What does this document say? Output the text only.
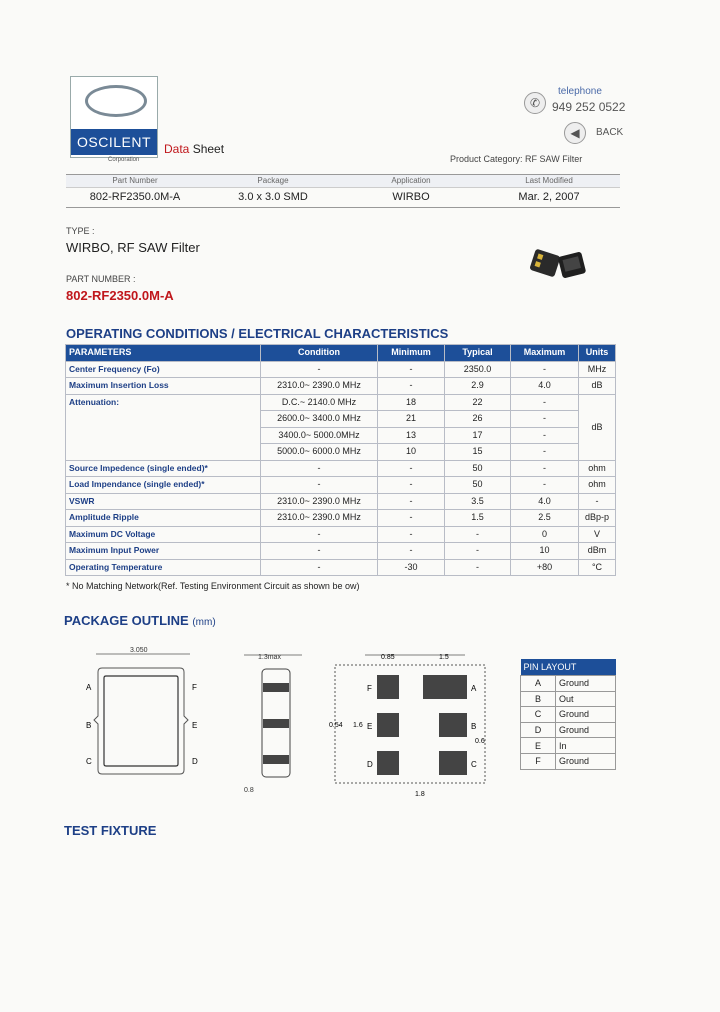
OSCILENT
Corporation
Data Sheet
✆
telephone
949 252 0522
◀	BACK
Product Category: RF SAW Filter
Part Number
802-RF2350.0M-A
Package
3.0 x 3.0 SMD
Application
WIRBO
Last Modified
Mar. 2, 2007
TYPE :
WIRBO, RF SAW Filter
PART NUMBER :
802-RF2350.0M-A
OPERATING CONDITIONS / ELECTRICAL CHARACTERISTICS
PARAMETERS	Condition	Minimum	Typical	Maximum	Units
Center Frequency (Fo)	-	-	2350.0	-	MHz
Maximum Insertion Loss	2310.0~ 2390.0 MHz	-	2.9	4.0	dB
Attenuation:	D.C.~ 2140.0 MHz	18	22	-	dB
	2600.0~ 3400.0 MHz	21	26	-	
	3400.0~ 5000.0MHz	13	17	-	
	5000.0~ 6000.0 MHz	10	15	-	
Source Impedence (single ended)*	-	-	50	-	ohm
Load Impendance (single ended)*	-	-	50	-	ohm
VSWR	2310.0~ 2390.0 MHz	-	3.5	4.0	-
Amplitude Ripple	2310.0~ 2390.0 MHz	-	1.5	2.5	dBp-p
Maximum DC Voltage	-	-	-	0	V
Maximum Input Power	-	-	-	10	dBm
Operating Temperature	-	-30	-	+80	°C
* No Matching Network(Ref. Testing Environment Circuit as shown be ow)
PACKAGE OUTLINE (mm)
3.050
A
B
C
F
E
D
1.3max
0.8
0.85	1.5
F
E
D
A
B
C
0.54 1.6
0.6
1.8
PIN LAYOUT	
A	Ground
B	Out
C	Ground
D	Ground
E	In
F	Ground
TEST FIXTURE
